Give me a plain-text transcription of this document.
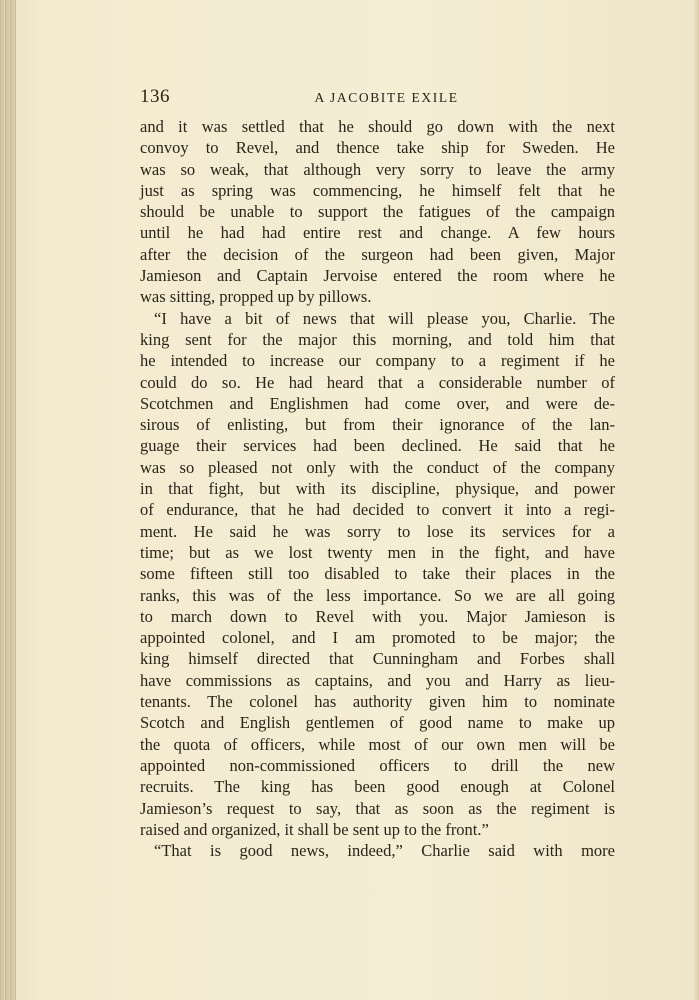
136	A JACOBITE EXILE
and it was settled that he should go down with the next
convoy to Revel, and thence take ship for Sweden. He
was so weak, that although very sorry to leave the army
just as spring was commencing, he himself felt that he
should be unable to support the fatigues of the campaign
until he had had entire rest and change. A few hours
after the decision of the surgeon had been given, Major
Jamieson and Captain Jervoise entered the room where he
was sitting, propped up by pillows.
“I have a bit of news that will please you, Charlie. The
king sent for the major this morning, and told him that
he intended to increase our company to a regiment if he
could do so. He had heard that a considerable number of
Scotchmen and Englishmen had come over, and were de-
sirous of enlisting, but from their ignorance of the lan-
guage their services had been declined. He said that he
was so pleased not only with the conduct of the company
in that fight, but with its discipline, physique, and power
of endurance, that he had decided to convert it into a regi-
ment. He said he was sorry to lose its services for a
time; but as we lost twenty men in the fight, and have
some fifteen still too disabled to take their places in the
ranks, this was of the less importance. So we are all going
to march down to Revel with you. Major Jamieson is
appointed colonel, and I am promoted to be major; the
king himself directed that Cunningham and Forbes shall
have commissions as captains, and you and Harry as lieu-
tenants. The colonel has authority given him to nominate
Scotch and English gentlemen of good name to make up
the quota of officers, while most of our own men will be
appointed non-commissioned officers to drill the new
recruits. The king has been good enough at Colonel
Jamieson’s request to say, that as soon as the regiment is
raised and organized, it shall be sent up to the front.”
“That is good news, indeed,” Charlie said with more
